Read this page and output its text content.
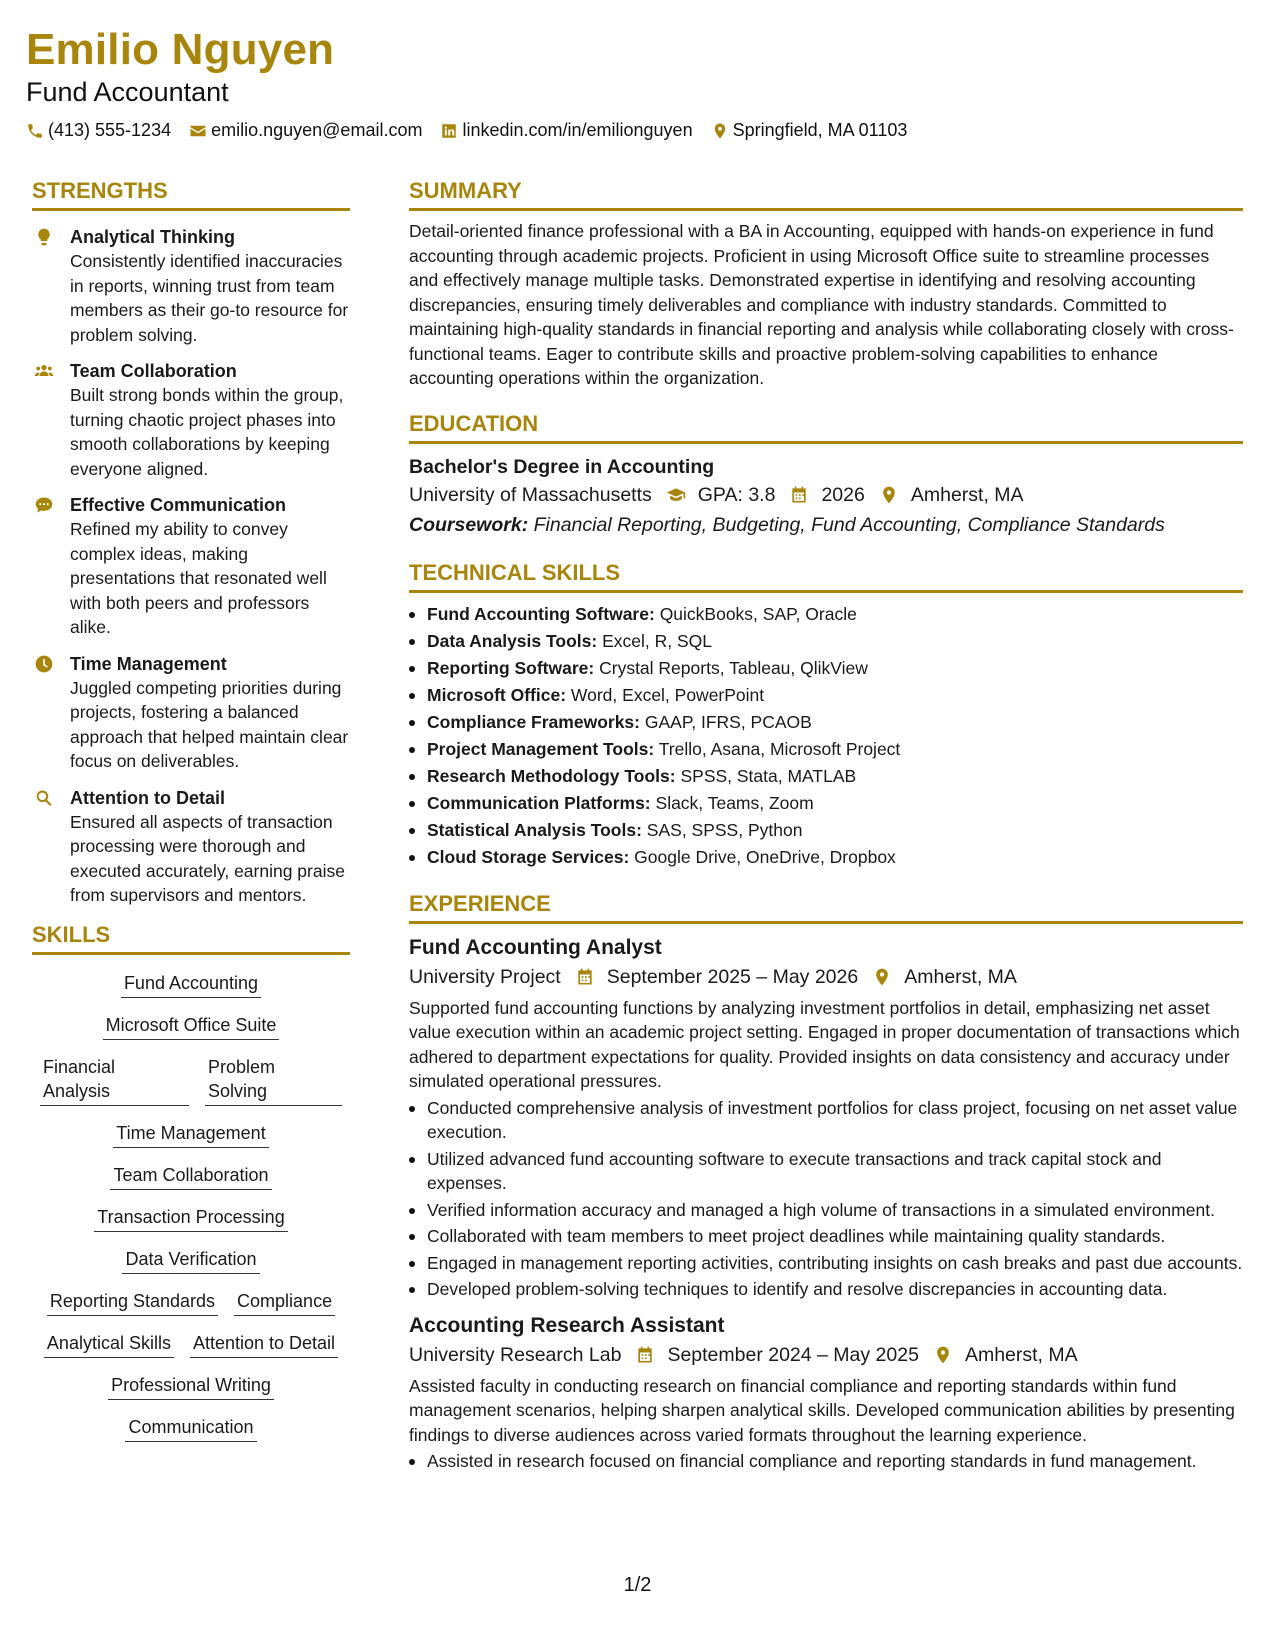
Emilio Nguyen
Fund Accountant
(413) 555-1234 emilio.nguyen@email.com linkedin.com/in/emilionguyen Springfield, MA 01103
STRENGTHS
Analytical Thinking
Consistently identified inaccuracies in reports, winning trust from team members as their go-to resource for problem solving.
Team Collaboration
Built strong bonds within the group, turning chaotic project phases into smooth collaborations by keeping everyone aligned.
Effective Communication
Refined my ability to convey complex ideas, making presentations that resonated well with both peers and professors alike.
Time Management
Juggled competing priorities during projects, fostering a balanced approach that helped maintain clear focus on deliverables.
Attention to Detail
Ensured all aspects of transaction processing were thorough and executed accurately, earning praise from supervisors and mentors.
SKILLS
Fund Accounting
Microsoft Office Suite
Financial Analysis
Problem Solving
Time Management
Team Collaboration
Transaction Processing
Data Verification
Reporting Standards Compliance
Analytical Skills Attention to Detail
Professional Writing
Communication
SUMMARY
Detail-oriented finance professional with a BA in Accounting, equipped with hands-on experience in fund accounting through academic projects. Proficient in using Microsoft Office suite to streamline processes and effectively manage multiple tasks. Demonstrated expertise in identifying and resolving accounting discrepancies, ensuring timely deliverables and compliance with industry standards. Committed to maintaining high-quality standards in financial reporting and analysis while collaborating closely with cross-functional teams. Eager to contribute skills and proactive problem-solving capabilities to enhance accounting operations within the organization.
EDUCATION
Bachelor's Degree in Accounting
University of Massachusetts GPA: 3.8 2026 Amherst, MA
Coursework: Financial Reporting, Budgeting, Fund Accounting, Compliance Standards
TECHNICAL SKILLS
Fund Accounting Software: QuickBooks, SAP, Oracle
Data Analysis Tools: Excel, R, SQL
Reporting Software: Crystal Reports, Tableau, QlikView
Microsoft Office: Word, Excel, PowerPoint
Compliance Frameworks: GAAP, IFRS, PCAOB
Project Management Tools: Trello, Asana, Microsoft Project
Research Methodology Tools: SPSS, Stata, MATLAB
Communication Platforms: Slack, Teams, Zoom
Statistical Analysis Tools: SAS, SPSS, Python
Cloud Storage Services: Google Drive, OneDrive, Dropbox
EXPERIENCE
Fund Accounting Analyst
University Project September 2025 – May 2026 Amherst, MA
Supported fund accounting functions by analyzing investment portfolios in detail, emphasizing net asset value execution within an academic project setting. Engaged in proper documentation of transactions which adhered to department expectations for quality. Provided insights on data consistency and accuracy under simulated operational pressures.
Conducted comprehensive analysis of investment portfolios for class project, focusing on net asset value execution.
Utilized advanced fund accounting software to execute transactions and track capital stock and expenses.
Verified information accuracy and managed a high volume of transactions in a simulated environment.
Collaborated with team members to meet project deadlines while maintaining quality standards.
Engaged in management reporting activities, contributing insights on cash breaks and past due accounts.
Developed problem-solving techniques to identify and resolve discrepancies in accounting data.
Accounting Research Assistant
University Research Lab September 2024 – May 2025 Amherst, MA
Assisted faculty in conducting research on financial compliance and reporting standards within fund management scenarios, helping sharpen analytical skills. Developed communication abilities by presenting findings to diverse audiences across varied formats throughout the learning experience.
Assisted in research focused on financial compliance and reporting standards in fund management.
1/2
